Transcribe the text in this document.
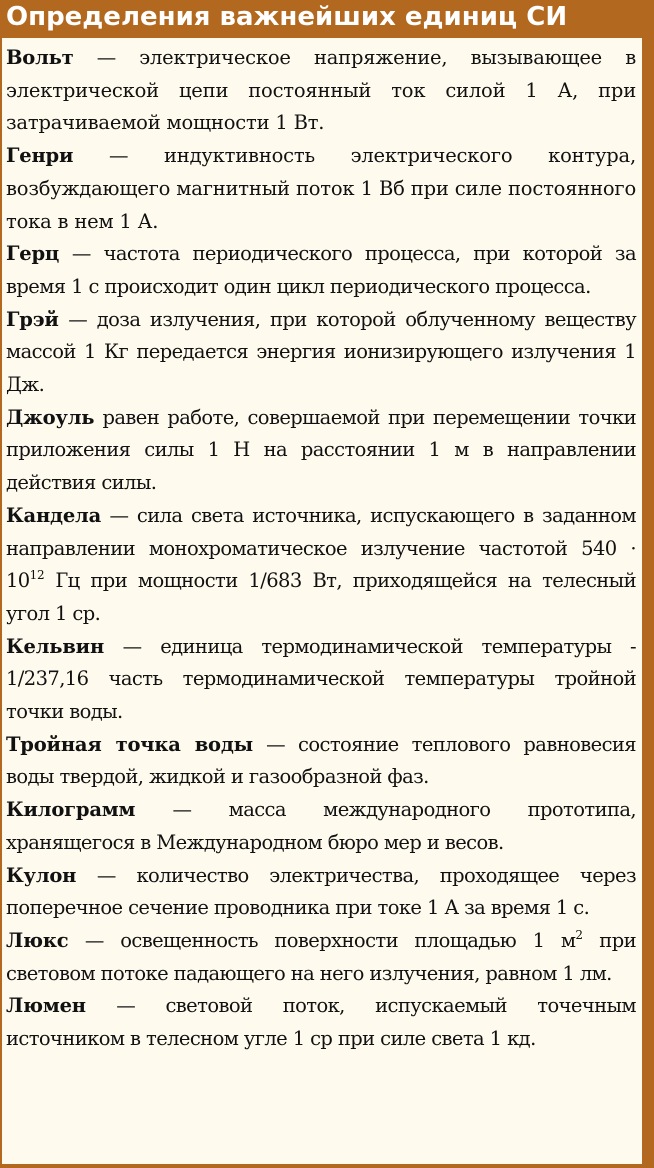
Определения важнейших единиц СИ

Вольт — электрическое напряжение, вызывающее в электрической цепи постоянный ток силой 1 А, при затрачиваемой мощности 1 Вт.

Генри — индуктивность электрического контура, возбуждающего магнитный поток 1 Вб при силе постоянного тока в нем 1 А.

Герц — частота периодического процесса, при которой за время 1 с происходит один цикл периодического процесса.

Грэй — доза излучения, при которой облученному веществу массой 1 Кг передается энергия ионизирующего излучения 1 Дж.

Джоуль равен работе, совершаемой при перемещении точки приложения силы 1 Н на расстоянии 1 м в направлении действия силы.

Кандела — сила света источника, испускающего в заданном направлении монохроматическое излучение частотой $540 \cdot 10^{12}$ Гц при мощности 1/683 Вт, приходящейся на телесный угол 1 ср.

Кельвин — единица термодинамической температуры - 1/237,16 часть термодинамической температуры тройной точки воды.

Тройная точка воды — состояние теплового равновесия воды твердой, жидкой и газообразной фаз.

Килограмм — масса международного прототипа, хранящегося в Международном бюро мер и весов.

Кулон — количество электричества, проходящее через поперечное сечение проводника при токе 1 А за время 1 с.

Люкс — освещенность поверхности площадью 1 $м^2$ при световом потоке падающего на него излучения, равном 1 лм.

Люмен — световой поток, испускаемый точечным источником в телесном угле 1 ср при силе света 1 кд.
